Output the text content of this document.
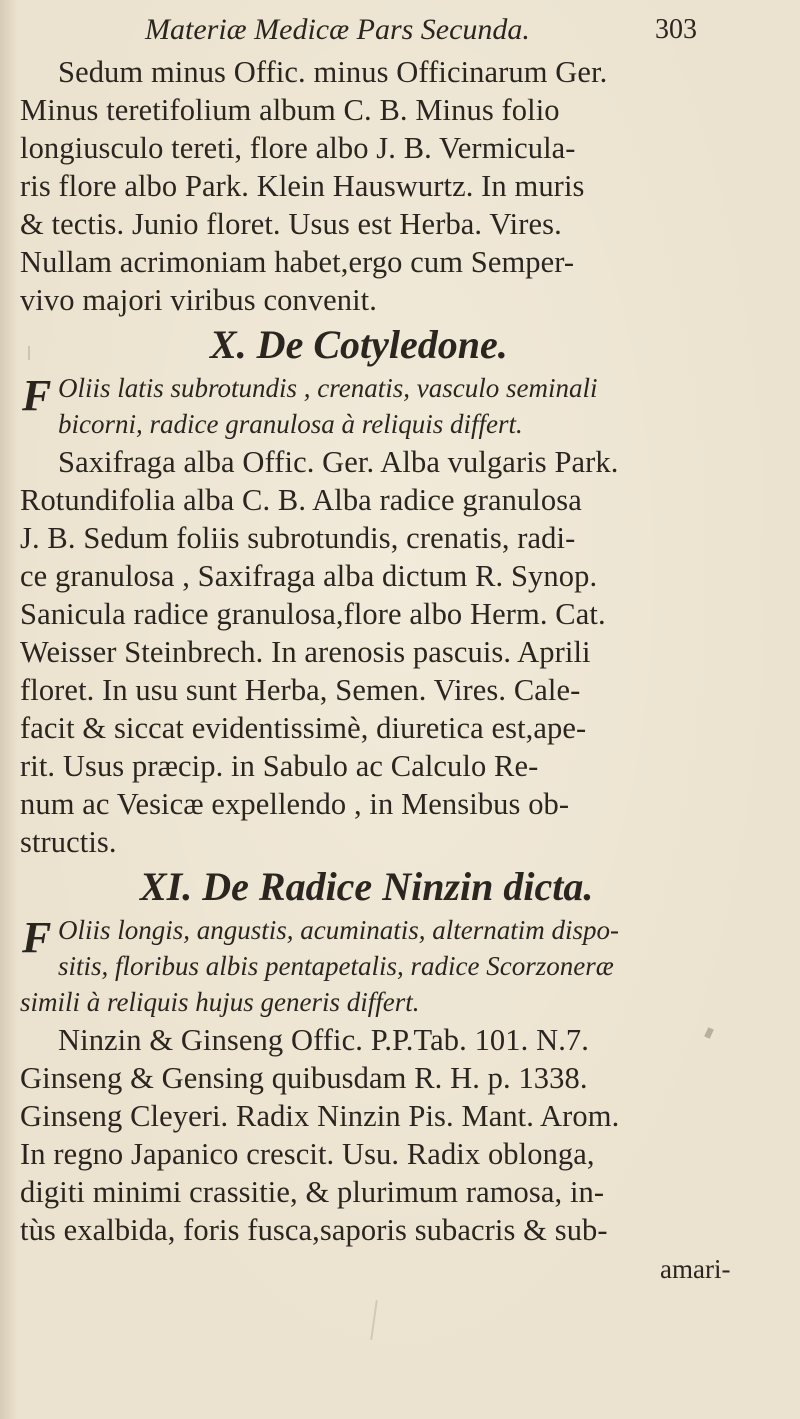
Materiæ Medicæ Pars Secunda.	303
Sedum minus Offic. minus Officinarum Ger.
Minus teretifolium album C. B. Minus folio
longiusculo tereti, flore albo J. B. Vermicula-
ris flore albo Park. Klein Hauswurtz. In muris
& tectis. Junio floret. Usus est Herba. Vires.
Nullam acrimoniam habet,ergo cum Semper-
vivo majori viribus convenit.
X. De Cotyledone.
F Oliis latis subrotundis , crenatis, vasculo seminali
bicorni, radice granulosa à reliquis differt.
Saxifraga alba Offic. Ger. Alba vulgaris Park.
Rotundifolia alba C. B. Alba radice granulosa
J. B. Sedum foliis subrotundis, crenatis, radi-
ce granulosa , Saxifraga alba dictum R. Synop.
Sanicula radice granulosa,flore albo Herm. Cat.
Weisser Steinbrech. In arenosis pascuis. Aprili
floret. In usu sunt Herba, Semen. Vires. Cale-
facit & siccat evidentissimè, diuretica est,ape-
rit. Usus præcip. in Sabulo ac Calculo Re-
num ac Vesicæ expellendo , in Mensibus ob-
structis.
XI. De Radice Ninzin dicta.
F Oliis longis, angustis, acuminatis, alternatim dispo-
sitis, floribus albis pentapetalis, radice Scorzoneræ
simili à reliquis hujus generis differt.
Ninzin & Ginseng Offic. P.P.Tab. 101. N.7.
Ginseng & Gensing quibusdam R. H. p. 1338.
Ginseng Cleyeri. Radix Ninzin Pis. Mant. Arom.
In regno Japanico crescit. Usu. Radix oblonga,
digiti minimi crassitie, & plurimum ramosa, in-
tùs exalbida, foris fusca,saporis subacris & sub-
amari-
